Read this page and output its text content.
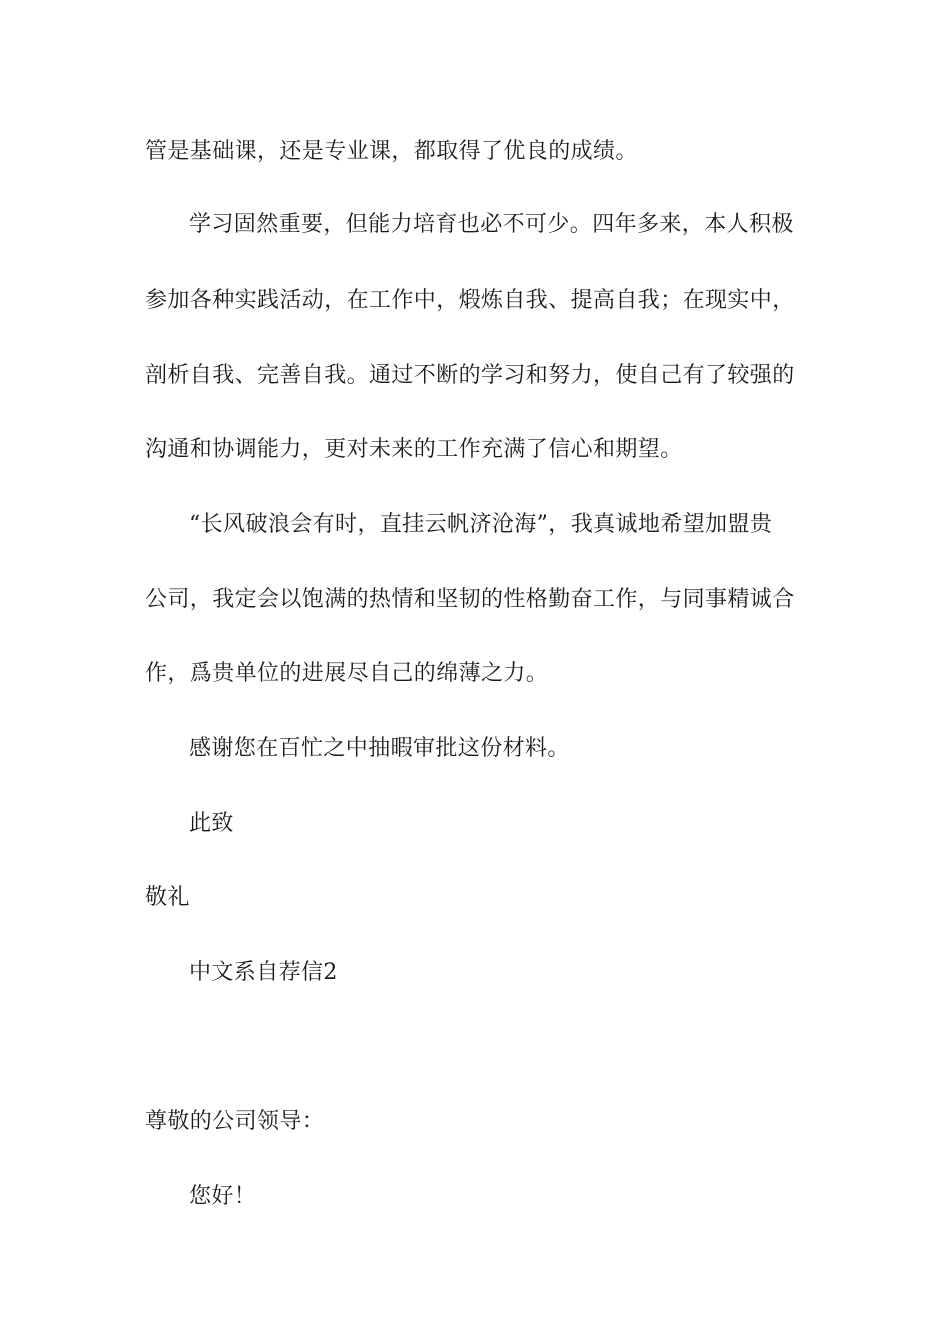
管是基础课，还是专业课，都取得了优良的成绩。
学习固然重要，但能力培育也必不可少。四年多来，本人积极
参加各种实践活动，在工作中，煅炼自我、提高自我；在现实中，
剖析自我、完善自我。通过不断的学习和努力，使自己有了较强的
沟通和协调能力，更对未来的工作充满了信心和期望。
“长风破浪会有时，直挂云帆济沧海”，我真诚地希望加盟贵
公司，我定会以饱满的热情和坚韧的性格勤奋工作，与同事精诚合
作，爲贵单位的进展尽自己的绵薄之力。
感谢您在百忙之中抽暇审批这份材料。
此致
敬礼
中文系自荐信2
尊敬的公司领导：
您好！
